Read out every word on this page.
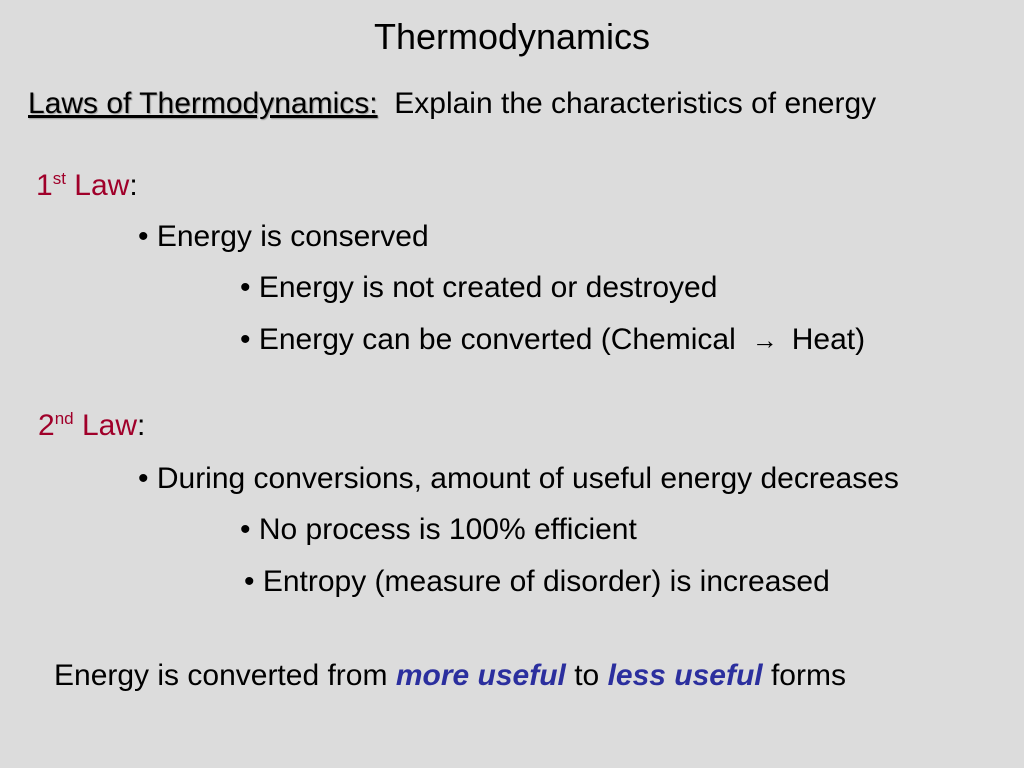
Thermodynamics
Laws of Thermodynamics: Explain the characteristics of energy
1st Law:
• Energy is conserved
• Energy is not created or destroyed
• Energy can be converted (Chemical → Heat)
2nd Law:
• During conversions, amount of useful energy decreases
• No process is 100% efficient
• Entropy (measure of disorder) is increased
Energy is converted from more useful to less useful forms
